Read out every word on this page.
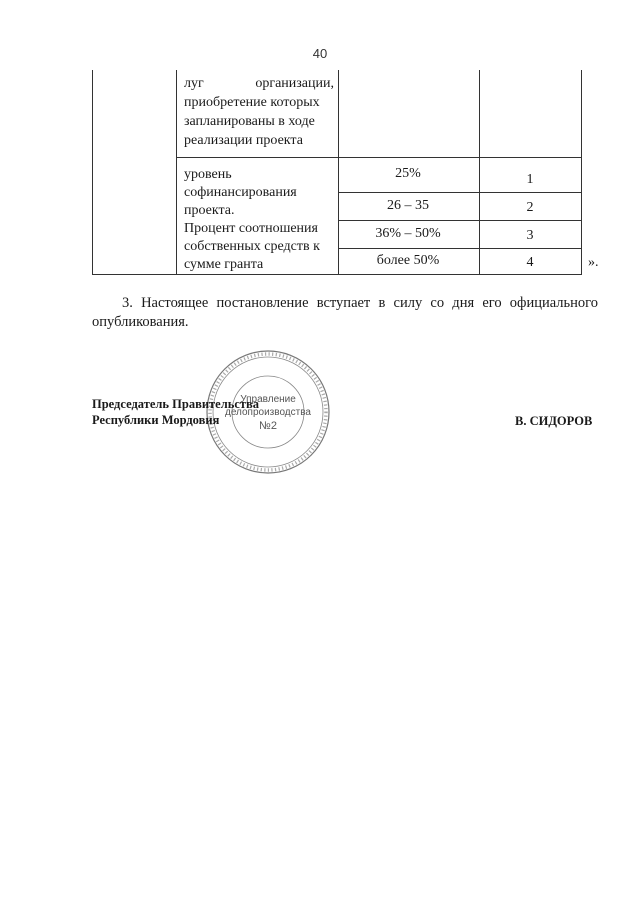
40
луг	организации,
приобретение которых
запланированы в ходе
реализации проекта
уровень
софинансирования
проекта.
Процент соотношения
собственных средств к
сумме гранта
25%	1
26 – 35	2
36% – 50%	3
более 50%	4	».
3. Настоящее постановление вступает в силу со дня его официального опубликования.
Управление
делопроизводства
№2
Председатель Правительства
Республики Мордовия	В. СИДОРОВ
